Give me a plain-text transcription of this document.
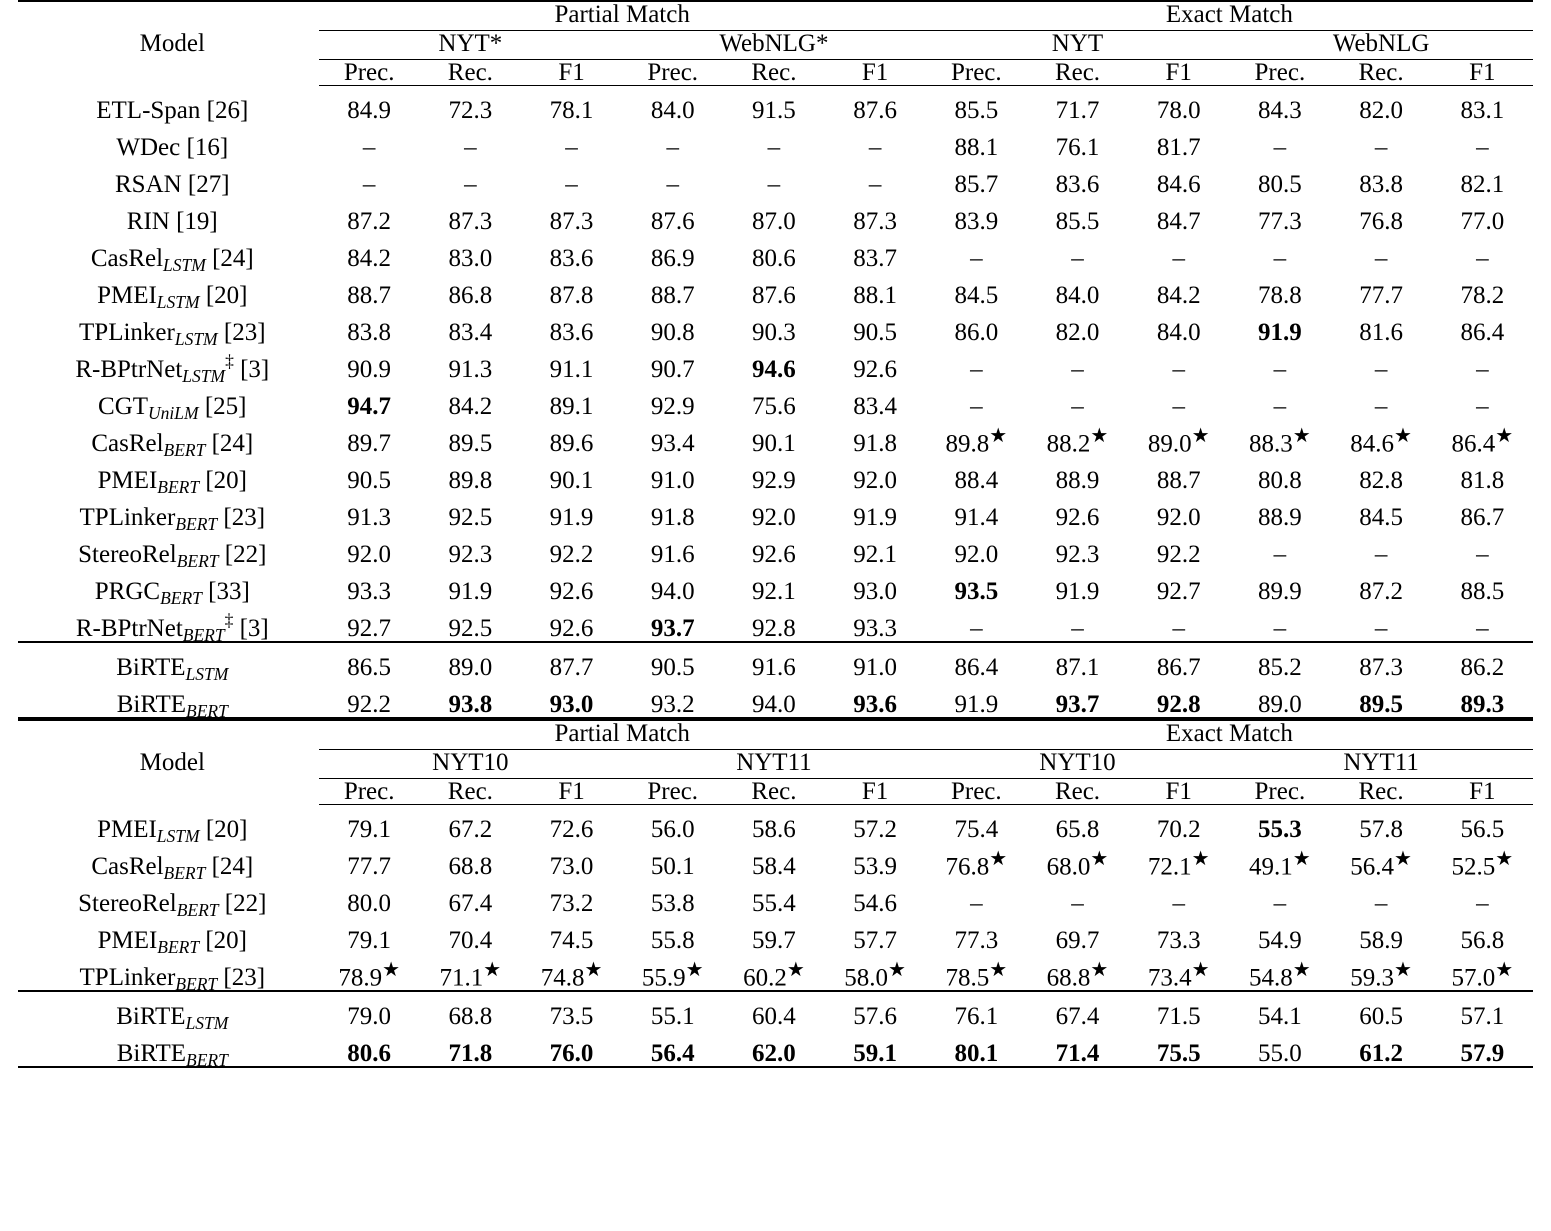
Model	Partial Match						Exact Match					

	NYT*			WebNLG*			NYT			WebNLG		

	Prec.	Rec.	F1	Prec.	Rec.	F1	Prec.	Rec.	F1	Prec.	Rec.	F1
ETL-Span [26]	84.9	72.3	78.1	84.0	91.5	87.6	85.5	71.7	78.0	84.3	82.0	83.1
WDec [16]	–	–	–	–	–	–	88.1	76.1	81.7	–	–	–
RSAN [27]	–	–	–	–	–	–	85.7	83.6	84.6	80.5	83.8	82.1
RIN [19]	87.2	87.3	87.3	87.6	87.0	87.3	83.9	85.5	84.7	77.3	76.8	77.0
CasRel$_{LSTM}$ [24]	84.2	83.0	83.6	86.9	80.6	83.7	–	–	–	–	–	–
$PMEI_{LSTM}$ [20]	88.7	86.8	87.8	88.7	87.6	88.1	84.5	84.0	84.2	78.8	77.7	78.2
TPLinker$_{LSTM}$ [23]	83.8	83.4	83.6	90.8	90.3	90.5	86.0	82.0	84.0	91.9	81.6	86.4
R-BPtrNet$_{LSTM}$‡ [3]	90.9	91.3	91.1	90.7	94.6	92.6	–	–	–	–	–	–
$CGT_{UniLM}$ [25]	94.7	84.2	89.1	92.9	75.6	83.4	–	–	–	–	–	–
CasRel$_{BERT}$ [24]	89.7	89.5	89.6	93.4	90.1	91.8	89.8★	88.2★	89.0★	88.3★	84.6★	86.4★
$PMEI_{BERT}$ [20]	90.5	89.8	90.1	91.0	92.9	92.0	88.4	88.9	88.7	80.8	82.8	81.8
TPLinker$_{BERT}$ [23]	91.3	92.5	91.9	91.8	92.0	91.9	91.4	92.6	92.0	88.9	84.5	86.7
StereoRel$_{BERT}$ [22]	92.0	92.3	92.2	91.6	92.6	92.1	92.0	92.3	92.2	–	–	–
$PRGC_{BERT}$ [33]	93.3	91.9	92.6	94.0	92.1	93.0	93.5	91.9	92.7	89.9	87.2	88.5
R-BPtrNet$_{BERT}$‡ [3]	92.7	92.5	92.6	93.7	92.8	93.3	–	–	–	–	–	–
BiRTE$_{LSTM}$	86.5	89.0	87.7	90.5	91.6	91.0	86.4	87.1	86.7	85.2	87.3	86.2
BiRTE$_{BERT}$	92.2	93.8	93.0	93.2	94.0	93.6	91.9	93.7	92.8	89.0	89.5	89.3
Model	Partial Match						Exact Match					

	NYT10			NYT11			NYT10			NYT11		

	Prec.	Rec.	F1	Prec.	Rec.	F1	Prec.	Rec.	F1	Prec.	Rec.	F1
$PMEI_{LSTM}$ [20]	79.1	67.2	72.6	56.0	58.6	57.2	75.4	65.8	70.2	55.3	57.8	56.5
CasRel$_{BERT}$ [24]	77.7	68.8	73.0	50.1	58.4	53.9	76.8★	68.0★	72.1★	49.1★	56.4★	52.5★
StereoRel$_{BERT}$ [22]	80.0	67.4	73.2	53.8	55.4	54.6	–	–	–	–	–	–
$PMEI_{BERT}$ [20]	79.1	70.4	74.5	55.8	59.7	57.7	77.3	69.7	73.3	54.9	58.9	56.8
TPLinker$_{BERT}$ [23]	78.9★	71.1★	74.8★	55.9★	60.2★	58.0★	78.5★	68.8★	73.4★	54.8★	59.3★	57.0★
BiRTE$_{LSTM}$	79.0	68.8	73.5	55.1	60.4	57.6	76.1	67.4	71.5	54.1	60.5	57.1
BiRTE$_{BERT}$	80.6	71.8	76.0	56.4	62.0	59.1	80.1	71.4	75.5	55.0	61.2	57.9
